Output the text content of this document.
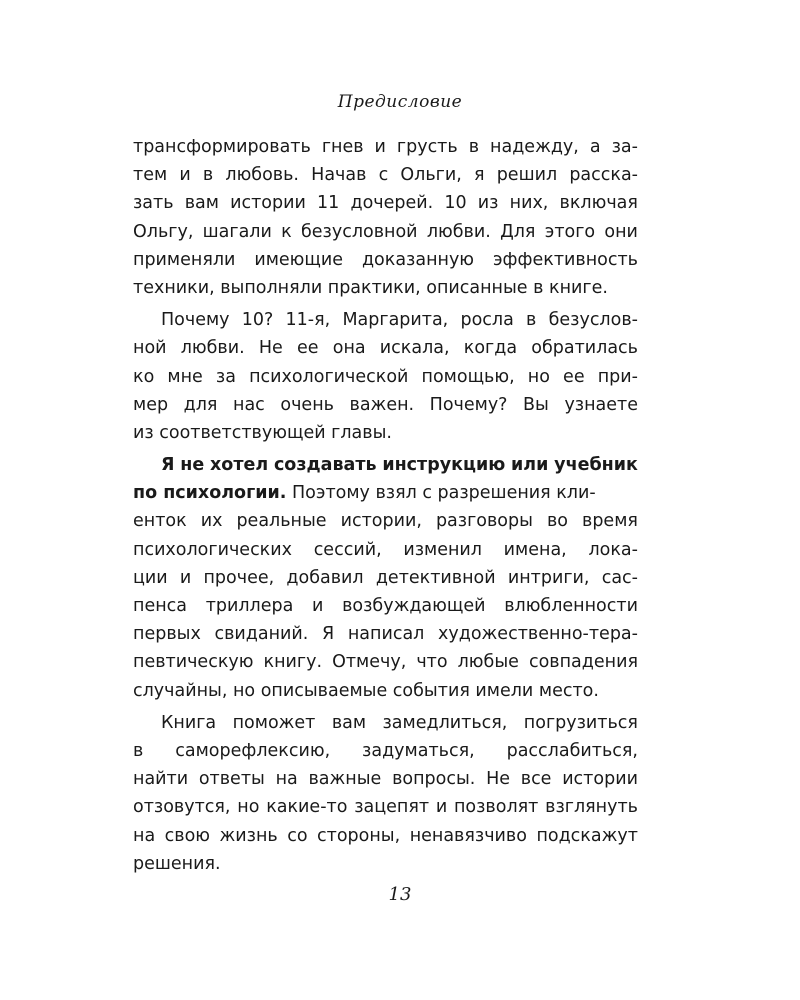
Предисловие
трансформировать гнев и грусть в надежду, а за-
тем и в любовь. Начав с Ольги, я решил расска-
зать вам истории 11 дочерей. 10 из них, включая
Ольгу, шагали к безусловной любви. Для этого они
применяли имеющие доказанную эффективность
техники, выполняли практики, описанные в книге.
Почему 10? 11-я, Маргарита, росла в безуслов-
ной любви. Не ее она искала, когда обратилась
ко мне за психологической помощью, но ее при-
мер для нас очень важен. Почему? Вы узнаете
из соответствующей главы.
Я не хотел создавать инструкцию или учебник
по психологии. Поэтому взял с разрешения кли-
енток их реальные истории, разговоры во время
психологических сессий, изменил имена, лока-
ции и прочее, добавил детективной интриги, сас-
пенса триллера и возбуждающей влюбленности
первых свиданий. Я написал художественно-тера-
певтическую книгу. Отмечу, что любые совпадения
случайны, но описываемые события имели место.
Книга поможет вам замедлиться, погрузиться
в саморефлексию, задуматься, расслабиться,
найти ответы на важные вопросы. Не все истории
отзовутся, но какие-то зацепят и позволят взглянуть
на свою жизнь со стороны, ненавязчиво подскажут
решения.
13
